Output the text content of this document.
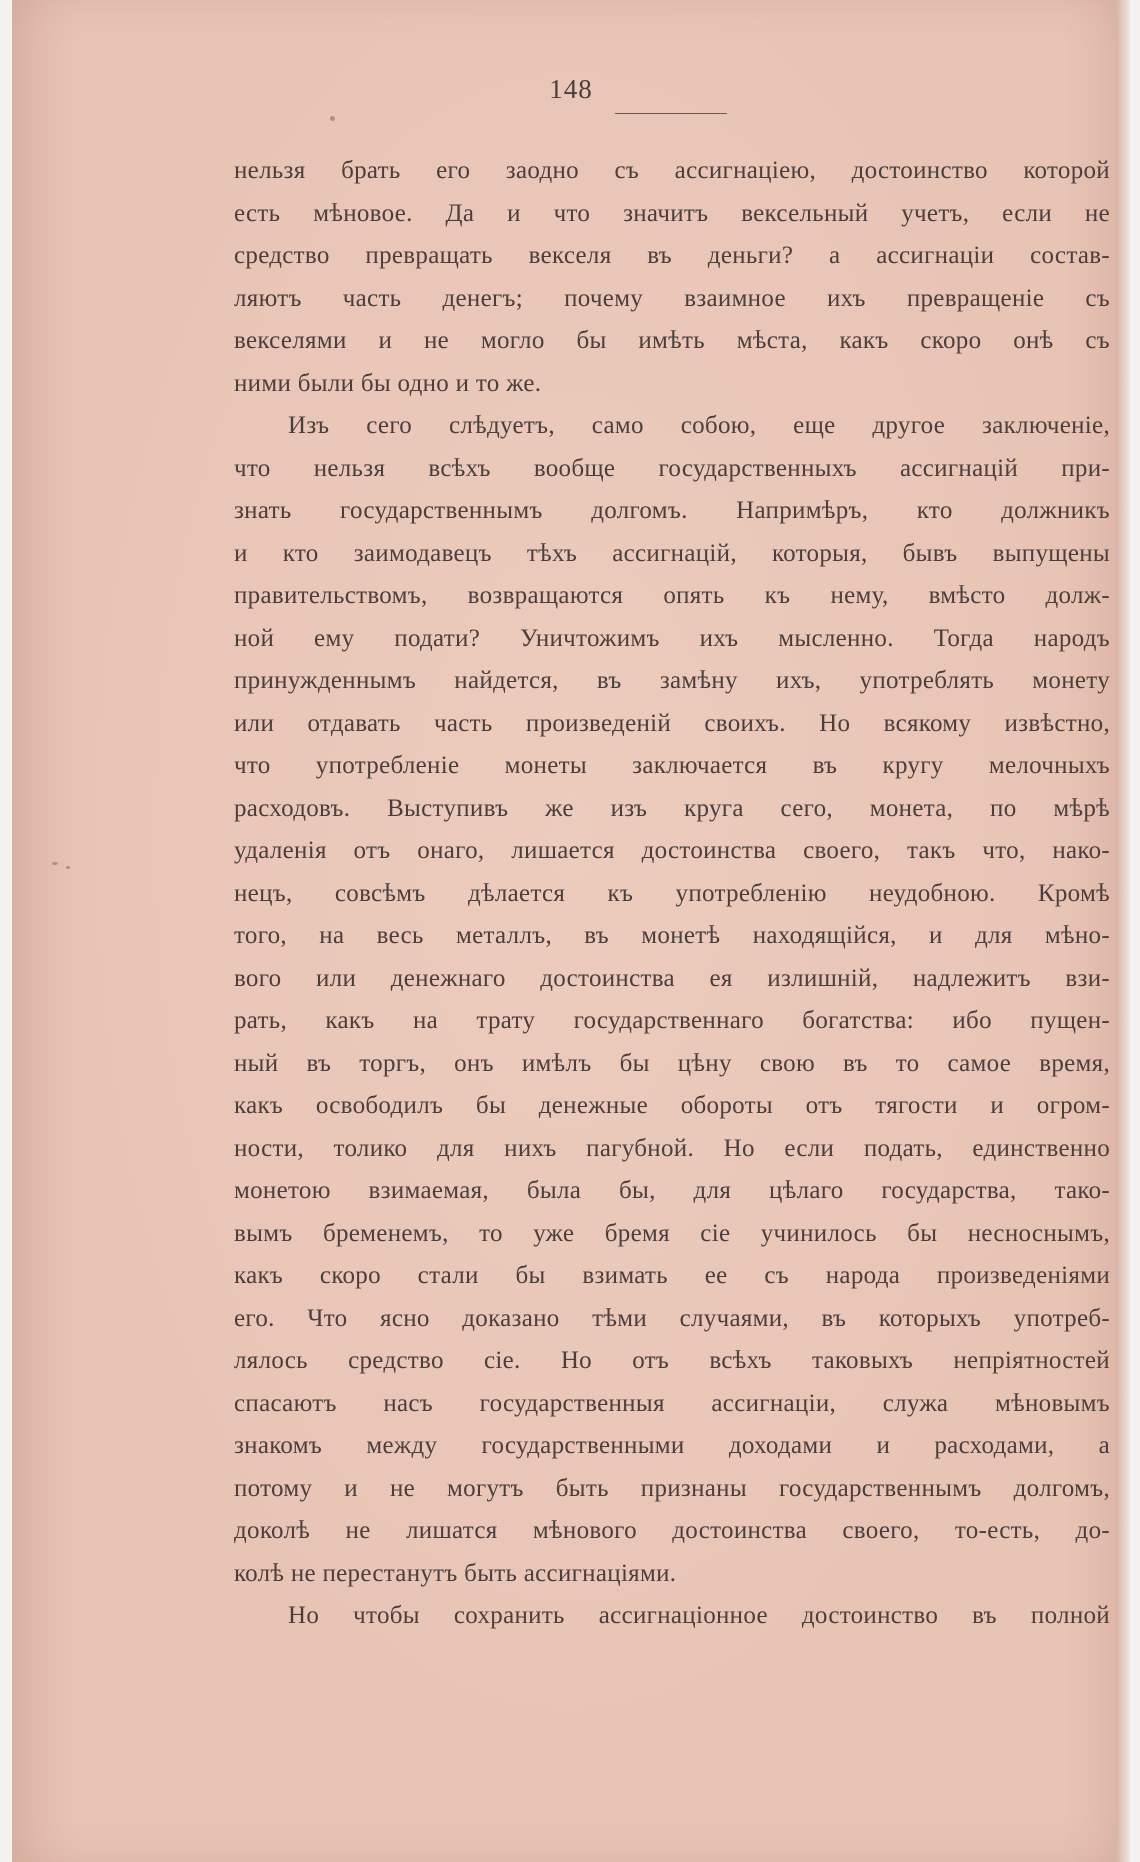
148
нельзя брать его заодно съ ассигнаціею, достоинство которой
есть мѣновое. Да и что значитъ вексельный учетъ, если не
средство превращать векселя въ деньги? а ассигнаціи состав-
ляютъ часть денегъ; почему взаимное ихъ превращеніе съ
векселями и не могло бы имѣть мѣста, какъ скоро онѣ съ
ними были бы одно и то же.
Изъ сего слѣдуетъ, само собою, еще другое заключеніе,
что нельзя всѣхъ вообще государственныхъ ассигнацій при-
знать государственнымъ долгомъ. Напримѣръ, кто должникъ
и кто заимодавецъ тѣхъ ассигнацій, которыя, бывъ выпущены
правительствомъ, возвращаются опять къ нему, вмѣсто долж-
ной ему подати? Уничтожимъ ихъ мысленно. Тогда народъ
принужденнымъ найдется, въ замѣну ихъ, употреблять монету
или отдавать часть произведеній своихъ. Но всякому извѣстно,
что употребленіе монеты заключается въ кругу мелочныхъ
расходовъ. Выступивъ же изъ круга сего, монета, по мѣрѣ
удаленія отъ онаго, лишается достоинства своего, такъ что, нако-
нецъ, совсѣмъ дѣлается къ употребленію неудобною. Кромѣ
того, на весь металлъ, въ монетѣ находящійся, и для мѣно-
вого или денежнаго достоинства ея излишній, надлежитъ взи-
рать, какъ на трату государственнаго богатства: ибо пущен-
ный въ торгъ, онъ имѣлъ бы цѣну свою въ то самое время,
какъ освободилъ бы денежные обороты отъ тягости и огром-
ности, толико для нихъ пагубной. Но если подать, единственно
монетою взимаемая, была бы, для цѣлаго государства, тако-
вымъ бременемъ, то уже бремя сіе учинилось бы несноснымъ,
какъ скоро стали бы взимать ее съ народа произведеніями
его. Что ясно доказано тѣми случаями, въ которыхъ употреб-
лялось средство сіе. Но отъ всѣхъ таковыхъ непріятностей
спасаютъ насъ государственныя ассигнаціи, служа мѣновымъ
знакомъ между государственными доходами и расходами, а
потому и не могутъ быть признаны государственнымъ долгомъ,
доколѣ не лишатся мѣнового достоинства своего, то-есть, до-
колѣ не перестанутъ быть ассигнаціями.
Но чтобы сохранить ассигнаціонное достоинство въ полной
